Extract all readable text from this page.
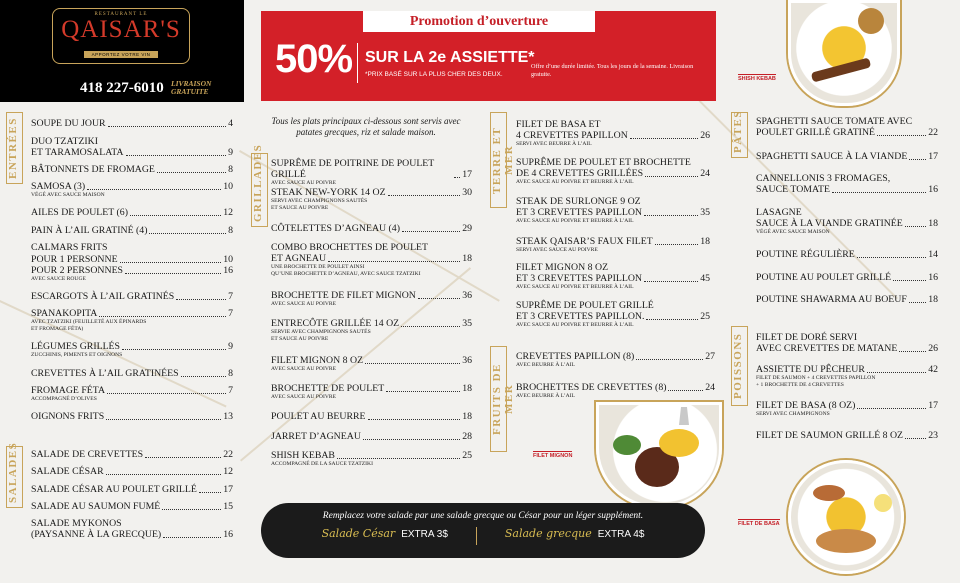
RESTAURANT LE
QAISAR'S
APPORTEZ VOTRE VIN
418 227-6010 LIVRAISON
GRATUITE
Promotion d’ouverture
50% SUR LA 2e ASSIETTE*
*PRIX BASÉ SUR LA PLUS CHER DES DEUX.
Offre d’une durée limitée. Tous les jours de la semaine. Livraison gratuite.
SHISH KEBAB
FILET MIGNON
FILET DE BASA
ENTRÉES
SALADES
GRILLADES	TERRE ET MER
FRUITS DE MER
PÂTES
POISSONS
Tous les plats principaux ci-dessous sont servis avec patates grecques, riz et salade maison.
SOUPE DU JOUR	4
DUO TZATZIKI
ET TARAMOSALATA	9
BÂTONNETS DE FROMAGE	8
SAMOSA (3)	10
VÉGÉ AVEC SAUCE MAISON
AILES DE POULET (6)	12
PAIN À L’AIL GRATINÉ (4)	8
CALMARS FRITS
POUR 1 PERSONNE	10
POUR 2 PERSONNES	16
AVEC SAUCE ROUGE
ESCARGOTS À L’AIL GRATINÉS	7
SPANAKOPITA	7
AVEC TZATZIKI (FEUILLETÉ AUX ÉPINARDS
ET FROMAGE FÉTA)
LÉGUMES GRILLÉS	9
ZUCCHINIS, PIMENTS ET OIGNONS
CREVETTES À L’AIL GRATINÉES	8
FROMAGE FÉTA	7
ACCOMPAGNÉ D’OLIVES
OIGNONS FRITS	13
SALADE DE CREVETTES	22
SALADE CÉSAR	12
SALADE CÉSAR AU POULET GRILLÉ	17
SALADE AU SAUMON FUMÉ	15
SALADE MYKONOS
(PAYSANNE À LA GRECQUE)	16
SUPRÊME DE POITRINE DE POULET GRILLÉ	17
AVEC SAUCE AU POIVRE
STEAK NEW-YORK 14 OZ	30
SERVI AVEC CHAMPIGNONS SAUTÉS
ET SAUCE AU POIVRE
CÔTELETTES D’AGNEAU (4)	29
COMBO BROCHETTES DE POULET
ET AGNEAU	18
UNE BROCHETTE DE POULET AINSI
QU’UNE BROCHETTE D’AGNEAU, AVEC SAUCE TZATZIKI
BROCHETTE DE FILET MIGNON	36
AVEC SAUCE AU POIVRE
ENTRECÔTE GRILLÉE 14 OZ	35
SERVIE AVEC CHAMPIGNONS SAUTÉS
ET SAUCE AU POIVRE
FILET MIGNON 8 OZ	36
AVEC SAUCE AU POIVRE
BROCHETTE DE POULET	18
AVEC SAUCE AU POIVRE
POULET AU BEURRE	18
JARRET D’AGNEAU	28
SHISH KEBAB	25
ACCOMPAGNÉ DE LA SAUCE TZATZIKI
FILET DE BASA ET
4 CREVETTES PAPILLON	26
SERVI AVEC BEURRE À L’AIL
SUPRÊME DE POULET ET BROCHETTE
DE 4 CREVETTES GRILLÉES	24
AVEC SAUCE AU POIVRE ET BEURRE À L’AIL
STEAK DE SURLONGE 9 OZ
ET 3 CREVETTES PAPILLON	35
AVEC SAUCE AU POIVRE ET BEURRE À L’AIL
STEAK QAISAR’S FAUX FILET	18
SERVI AVEC SAUCE AU POIVRE
FILET MIGNON 8 OZ
ET 3 CREVETTES PAPILLON	45
AVEC SAUCE AU POIVRE ET BEURRE À L’AIL
SUPRÊME DE POULET GRILLÉ
ET 3 CREVETTES PAPILLON.	25
AVEC SAUCE AU POIVRE ET BEURRE À L’AIL
CREVETTES PAPILLON (8)	27
AVEC BEURRE À L’AIL
BROCHETTES DE CREVETTES (8)	24
AVEC BEURRE À L’AIL
SPAGHETTI SAUCE TOMATE AVEC
POULET GRILLÉ GRATINÉ	22
SPAGHETTI SAUCE À LA VIANDE 17
CANNELLONIS 3 FROMAGES,
SAUCE TOMATE	16
LASAGNE
SAUCE À LA VIANDE GRATINÉE	18
VÉGÉ AVEC SAUCE MAISON
POUTINE RÉGULIÈRE	14
POUTINE AU POULET GRILLÉ	16
POUTINE SHAWARMA AU BOEUF 18
FILET DE DORÉ SERVI
AVEC CREVETTES DE MATANE	26
ASSIETTE DU PÊCHEUR	42
FILET DE SAUMON + 4 CREVETTES PAPILLON
+ 1 BROCHETTE DE 4 CREVETTES
FILET DE BASA (8 OZ)	17
SERVI AVEC CHAMPIGNONS
FILET DE SAUMON GRILLÉ 8 OZ	23
Remplacez votre salade par une salade grecque ou César pour un léger supplément.
Salade César EXTRA 3$	Salade grecque EXTRA 4$
